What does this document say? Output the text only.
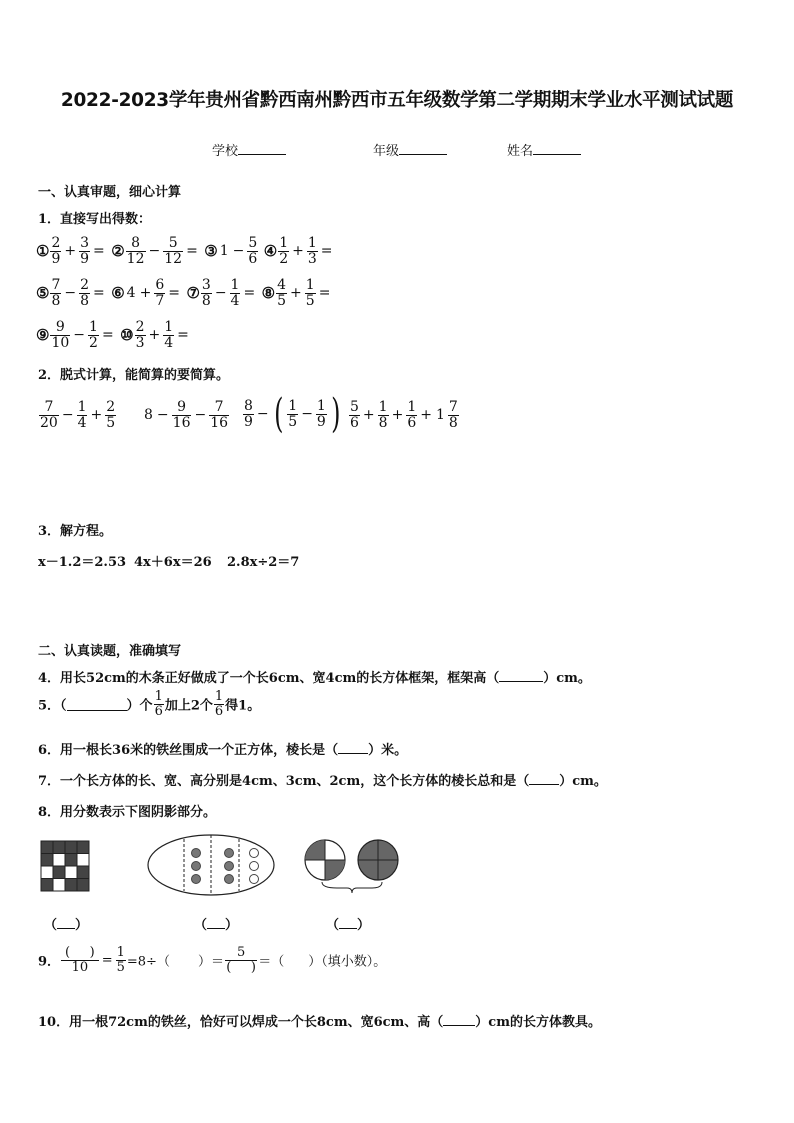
2022-2023学年贵州省黔西南州黔西市五年级数学第二学期期末学业水平测试试题
学校	年级	姓名
一、认真审题，细心计算
1．直接写出得数：
① $\frac{2}{9} + \frac{3}{9}$ = ② $\frac{8}{12} - \frac{5}{12}$ = ③ $1 - \frac{5}{6}$ ④ $\frac{1}{2} + \frac{1}{3}$ =
⑤ $\frac{7}{8} - \frac{2}{8}$ = ⑥ $4 + \frac{6}{7}$ = ⑦ $\frac{3}{8} - \frac{1}{4}$ = ⑧ $\frac{4}{5} + \frac{1}{5}$ =
⑨ $\frac{9}{10} - \frac{1}{2}$ = ⑩ $\frac{2}{3} + \frac{1}{4}$ =
2．脱式计算，能简算的要简算。
$\frac{7}{20} - \frac{1}{4} + \frac{2}{5} 8 - \frac{9}{16} - \frac{7}{16} \frac{8}{9}$ − ( $\frac{1}{5} - \frac{1}{9}$ ) $\frac{5}{6} + \frac{1}{8} + \frac{1}{6} + 1 \frac{7}{8}$
3．解方程。
x－1.2＝2.53 4x＋6x＝26 2.8x÷2＝7
二、认真读题，准确填写
4．用长52cm的木条正好做成了一个长6cm、宽4cm的长方体框架，框架高（	）cm。
5．（	）个 $\frac{1}{6}$ 加上2个 $\frac{1}{6}$ 得1。
6．用一根长36米的铁丝围成一个正方体，棱长是（ ）米。
7．一个长方体的长、宽、高分别是4cm、3cm、2cm，这个长方体的棱长总和是（ ）cm。
8．用分数表示下图阴影部分。
（ ）	（ ）	（ ）
9． $\frac{( )}{10} = \frac{1}{5} =8\div$（ ）＝ $\frac{5}{( )}$ ＝（ ）（填小数）。
10．用一根72cm的铁丝，恰好可以焊成一个长8cm、宽6cm、高（ ）cm的长方体教具。
